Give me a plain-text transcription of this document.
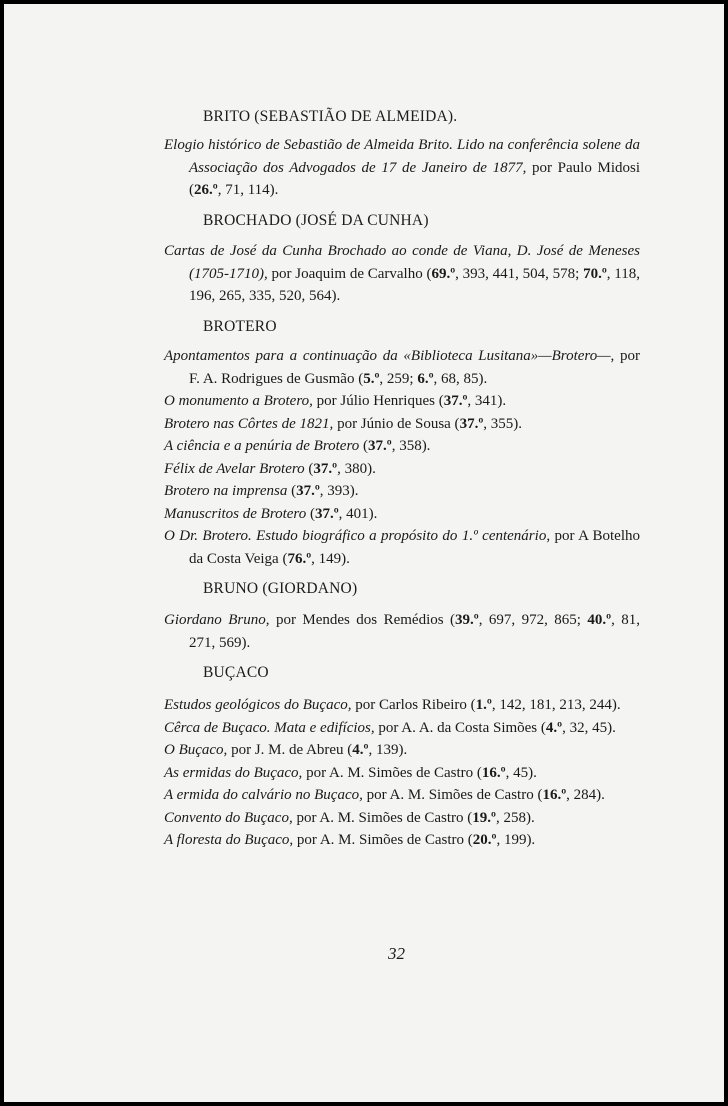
BRITO (SEBASTIÃO DE ALMEIDA).
Elogio histórico de Sebastião de Almeida Brito. Lido na conferência solene da Associação dos Advogados de 17 de Janeiro de 1877, por Paulo Midosi (26.º, 71, 114).
BROCHADO (JOSÉ DA CUNHA)
Cartas de José da Cunha Brochado ao conde de Viana, D. José de Meneses (1705-1710), por Joaquim de Carvalho (69.º, 393, 441, 504, 578; 70.º, 118, 196, 265, 335, 520, 564).
BROTERO
Apontamentos para a continuação da «Biblioteca Lusitana»—Brotero—, por F. A. Rodrigues de Gusmão (5.º, 259; 6.º, 68, 85).
O monumento a Brotero, por Júlio Henriques (37.º, 341).
Brotero nas Côrtes de 1821, por Júnio de Sousa (37.º, 355).
A ciência e a penúria de Brotero (37.º, 358).
Félix de Avelar Brotero (37.º, 380).
Brotero na imprensa (37.º, 393).
Manuscritos de Brotero (37.º, 401).
O Dr. Brotero. Estudo biográfico a propósito do 1.º centenário, por A Botelho da Costa Veiga (76.º, 149).
BRUNO (GIORDANO)
Giordano Bruno, por Mendes dos Remédios (39.º, 697, 972, 865; 40.º, 81, 271, 569).
BUÇACO
Estudos geológicos do Buçaco, por Carlos Ribeiro (1.º, 142, 181, 213, 244).
Cêrca de Buçaco. Mata e edifícios, por A. A. da Costa Simões (4.º, 32, 45).
O Buçaco, por J. M. de Abreu (4.º, 139).
As ermidas do Buçaco, por A. M. Simões de Castro (16.º, 45).
A ermida do calvário no Buçaco, por A. M. Simões de Castro (16.º, 284).
Convento do Buçaco, por A. M. Simões de Castro (19.º, 258).
A floresta do Buçaco, por A. M. Simões de Castro (20.º, 199).
32
